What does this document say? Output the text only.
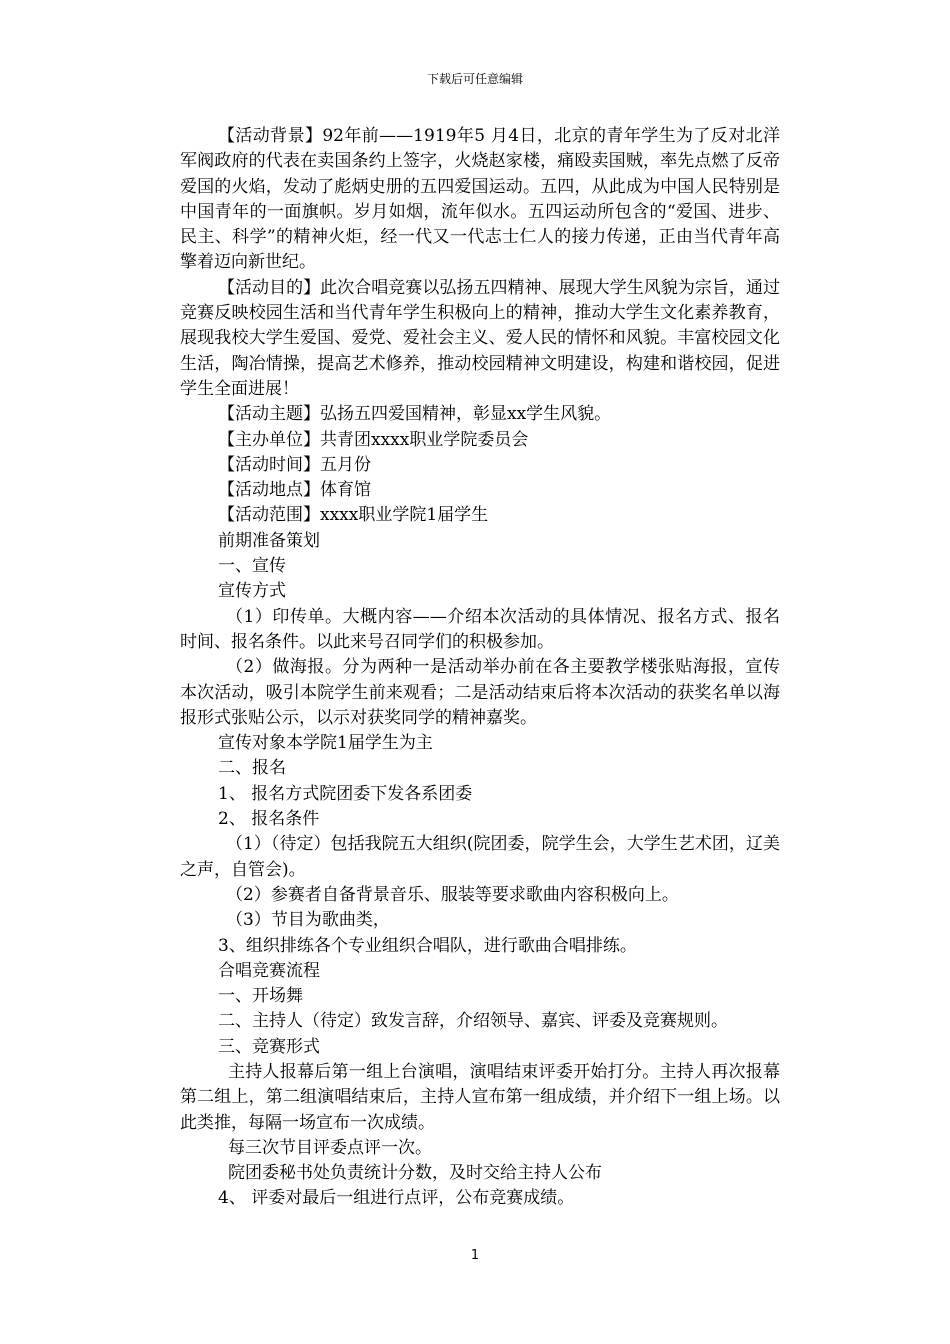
下载后可任意编辑

【活动背景】92年前——1919年5 月4日，北京的青年学生为了反对北洋军阀政府的代表在卖国条约上签字，火烧赵家楼，痛殴卖国贼，率先点燃了反帝爱国的火焰，发动了彪炳史册的五四爱国运动。五四，从此成为中国人民特别是中国青年的一面旗帜。岁月如烟，流年似水。五四运动所包含的“爱国、进步、民主、科学”的精神火炬，经一代又一代志士仁人的接力传递，正由当代青年高擎着迈向新世纪。

【活动目的】此次合唱竞赛以弘扬五四精神、展现大学生风貌为宗旨，通过竞赛反映校园生活和当代青年学生积极向上的精神，推动大学生文化素养教育，展现我校大学生爱国、爱党、爱社会主义、爱人民的情怀和风貌。丰富校园文化生活，陶冶情操，提高艺术修养，推动校园精神文明建设，构建和谐校园，促进学生全面进展！

【活动主题】弘扬五四爱国精神，彰显xx学生风貌。

【主办单位】共青团xxxx职业学院委员会

【活动时间】五月份

【活动地点】体育馆

【活动范围】xxxx职业学院1届学生

前期准备策划

一、宣传

宣传方式

（1）印传单。大概内容——介绍本次活动的具体情况、报名方式、报名时间、报名条件。以此来号召同学们的积极参加。

（2）做海报。分为两种一是活动举办前在各主要教学楼张贴海报，宣传本次活动，吸引本院学生前来观看；二是活动结束后将本次活动的获奖名单以海报形式张贴公示，以示对获奖同学的精神嘉奖。

宣传对象本学院1届学生为主

二、报名

1、 报名方式院团委下发各系团委

2、 报名条件

（1）（待定）包括我院五大组织(院团委，院学生会，大学生艺术团，辽美之声，自管会)。

（2）参赛者自备背景音乐、服装等要求歌曲内容积极向上。

（3）节目为歌曲类，

3、组织排练各个专业组织合唱队，进行歌曲合唱排练。

合唱竞赛流程

一、开场舞

二、主持人（待定）致发言辞，介绍领导、嘉宾、评委及竞赛规则。

三、竞赛形式

主持人报幕后第一组上台演唱，演唱结束评委开始打分。主持人再次报幕第二组上，第二组演唱结束后，主持人宣布第一组成绩，并介绍下一组上场。以此类推，每隔一场宣布一次成绩。

每三次节目评委点评一次。

院团委秘书处负责统计分数，及时交给主持人公布

4、 评委对最后一组进行点评，公布竞赛成绩。

1
